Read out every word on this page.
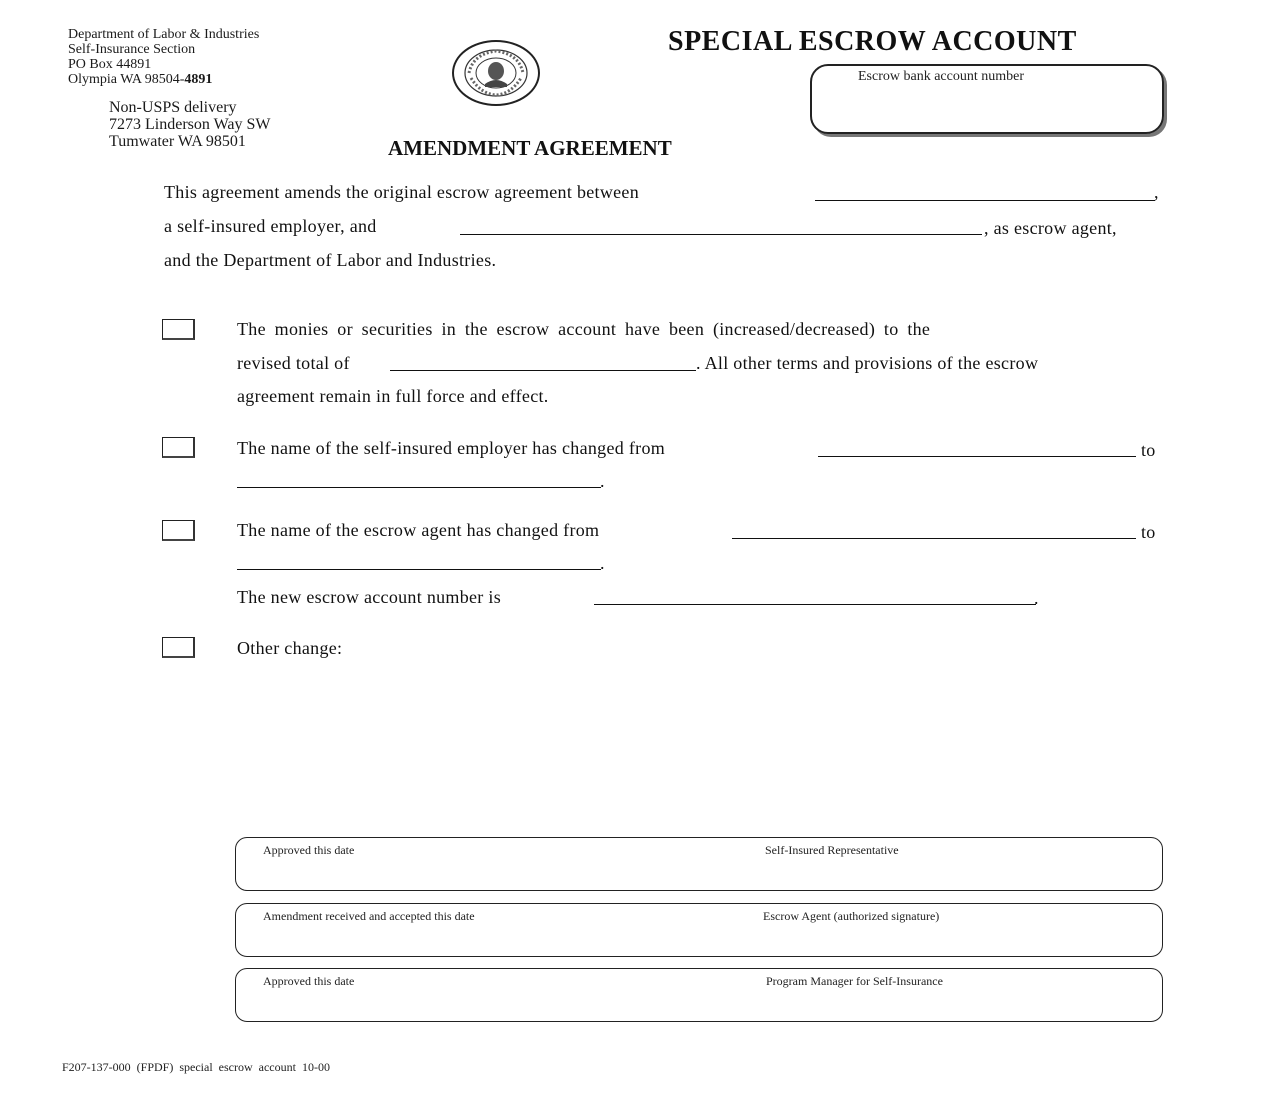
Department of Labor & Industries
Self-Insurance Section
PO Box 44891
Olympia WA 98504-4891
Non-USPS delivery
7273 Linderson Way SW
Tumwater WA 98501
SPECIAL ESCROW ACCOUNT
Escrow bank account number
AMENDMENT AGREEMENT
This agreement amends the original escrow agreement between	,
a self-insured employer, and	, as escrow agent,
and the Department of Labor and Industries.
The monies or securities in the escrow account have been (increased/decreased) to the
revised total of	. All other terms and provisions of the escrow
agreement remain in full force and effect.
The name of the self-insured employer has changed from	to
.
The name of the escrow agent has changed from	to
.
The new escrow account number is	.
Other change:
Approved this date	Self-Insured Representative
Amendment received and accepted this date	Escrow Agent (authorized signature)
Approved this date	Program Manager for Self-Insurance
F207-137-000 (FPDF) special escrow account 10-00
